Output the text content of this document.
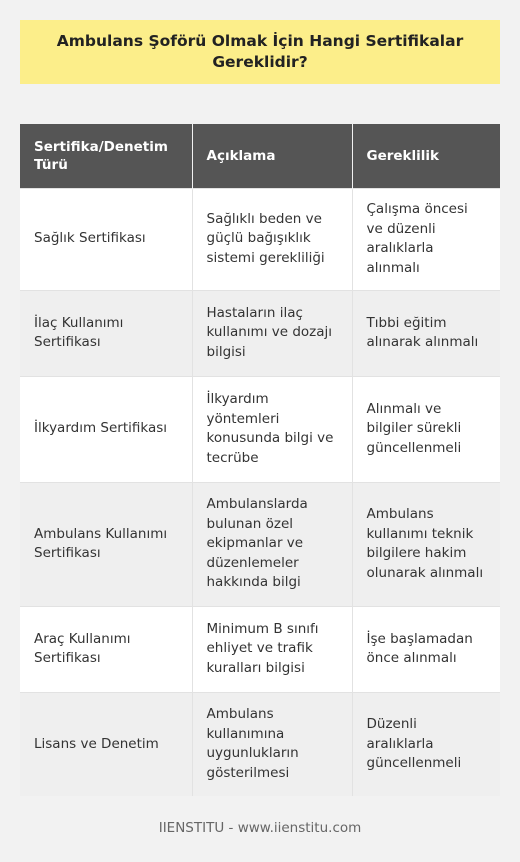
Ambulans Şoförü Olmak İçin Hangi Sertifikalar Gereklidir?
Sertifika/Denetim Türü	Açıklama	Gereklilik
Sağlık Sertifikası	Sağlıklı beden ve güçlü bağışıklık sistemi gerekliliği	Çalışma öncesi ve düzenli aralıklarla alınmalı
İlaç Kullanımı Sertifikası	Hastaların ilaç kullanımı ve dozajı bilgisi	Tıbbi eğitim alınarak alınmalı
İlkyardım Sertifikası	İlkyardım yöntemleri konusunda bilgi ve tecrübe	Alınmalı ve bilgiler sürekli güncellenmeli
Ambulans Kullanımı Sertifikası	Ambulanslarda bulunan özel ekipmanlar ve düzenlemeler hakkında bilgi	Ambulans kullanımı teknik bilgilere hakim olunarak alınmalı
Araç Kullanımı Sertifikası	Minimum B sınıfı ehliyet ve trafik kuralları bilgisi	İşe başlamadan önce alınmalı
Lisans ve Denetim	Ambulans kullanımına uygunlukların gösterilmesi	Düzenli aralıklarla güncellenmeli
IIENSTITU - www.iienstitu.com
